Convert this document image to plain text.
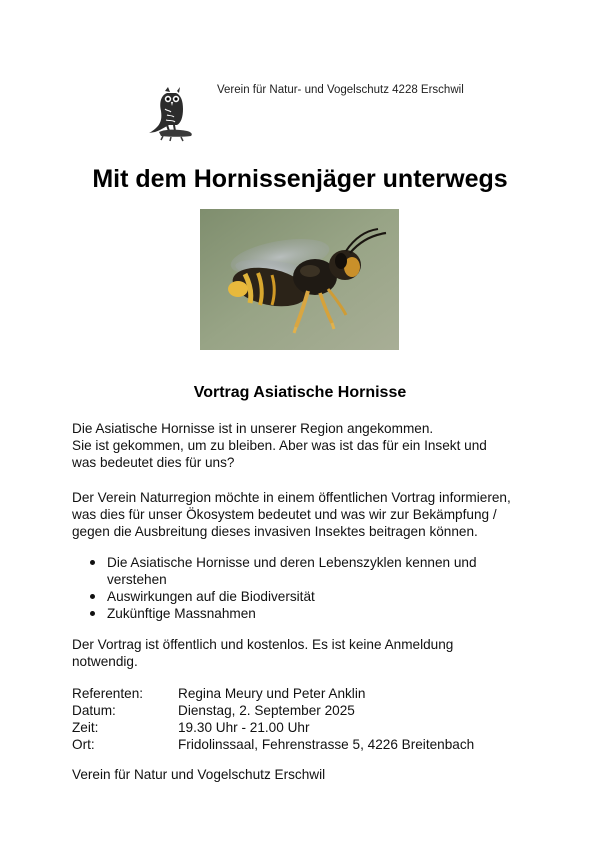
Verein für Natur- und Vogelschutz 4228 Erschwil
Mit dem Hornissenjäger unterwegs
Vortrag Asiatische Hornisse

Die Asiatische Hornisse ist in unserer Region angekommen.
Sie ist gekommen, um zu bleiben. Aber was ist das für ein Insekt und
was bedeutet dies für uns?

Der Verein Naturregion möchte in einem öffentlichen Vortrag informieren,
was dies für unser Ökosystem bedeutet und was wir zur Bekämpfung /
gegen die Ausbreitung dieses invasiven Insektes beitragen können.

Die Asiatische Hornisse und deren Lebenszyklen kennen und
verstehen
Auswirkungen auf die Biodiversität
Zukünftige Massnahmen

Der Vortrag ist öffentlich und kostenlos. Es ist keine Anmeldung
notwendig.

Referenten:	Regina Meury und Peter Anklin
Datum:	Dienstag, 2. September 2025
Zeit:	19.30 Uhr - 21.00 Uhr
Ort:	Fridolinssaal, Fehrenstrasse 5, 4226 Breitenbach
Verein für Natur und Vogelschutz Erschwil
